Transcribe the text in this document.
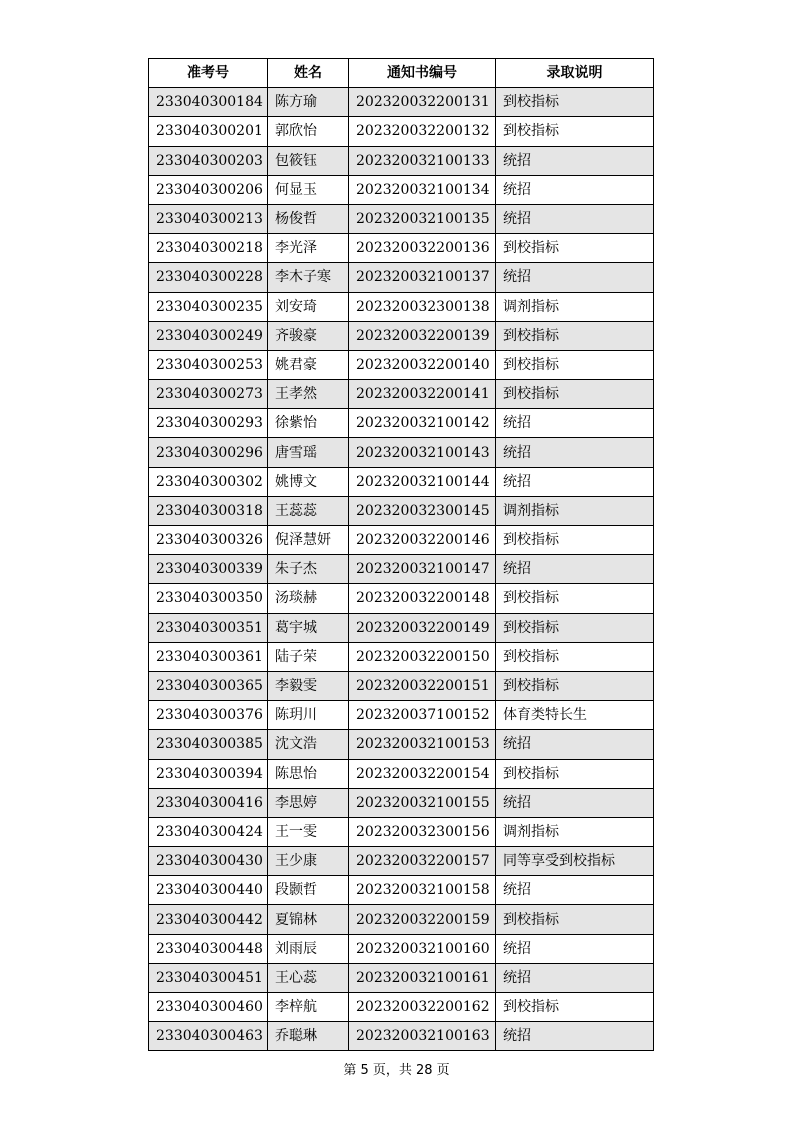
准考号	姓名	通知书编号	录取说明
233040300184	陈方瑜	202320032200131	到校指标
233040300201	郭欣怡	202320032200132	到校指标
233040300203	包筱钰	202320032100133	统招
233040300206	何显玉	202320032100134	统招
233040300213	杨俊哲	202320032100135	统招
233040300218	李光泽	202320032200136	到校指标
233040300228	李木子寒	202320032100137	统招
233040300235	刘安琦	202320032300138	调剂指标
233040300249	齐骏豪	202320032200139	到校指标
233040300253	姚君豪	202320032200140	到校指标
233040300273	王孝然	202320032200141	到校指标
233040300293	徐紫怡	202320032100142	统招
233040300296	唐雪瑶	202320032100143	统招
233040300302	姚博文	202320032100144	统招
233040300318	王蕊蕊	202320032300145	调剂指标
233040300326	倪泽慧妍	202320032200146	到校指标
233040300339	朱子杰	202320032100147	统招
233040300350	汤琰赫	202320032200148	到校指标
233040300351	葛宇城	202320032200149	到校指标
233040300361	陆子荣	202320032200150	到校指标
233040300365	李毅雯	202320032200151	到校指标
233040300376	陈玥川	202320037100152	体育类特长生
233040300385	沈文浩	202320032100153	统招
233040300394	陈思怡	202320032200154	到校指标
233040300416	李思婷	202320032100155	统招
233040300424	王一雯	202320032300156	调剂指标
233040300430	王少康	202320032200157	同等享受到校指标
233040300440	段颢哲	202320032100158	统招
233040300442	夏锦林	202320032200159	到校指标
233040300448	刘雨辰	202320032100160	统招
233040300451	王心蕊	202320032100161	统招
233040300460	李梓航	202320032200162	到校指标
233040300463	乔聪琳	202320032100163	统招
第 5 页，共 28 页
